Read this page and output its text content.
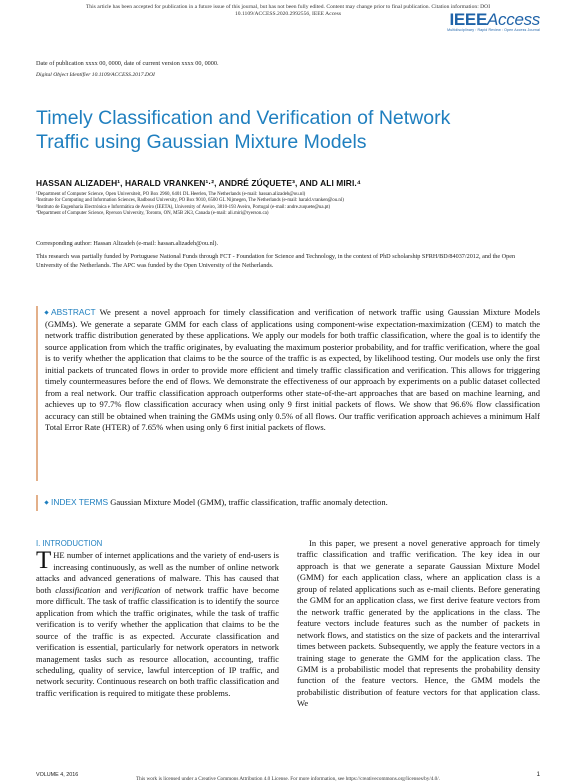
This article has been accepted for publication in a future issue of this journal, but has not been fully edited. Content may change prior to final publication. Citation information: DOI
10.1109/ACCESS.2020.2992556, IEEE Access	IEEEAccess
Multidisciplinary : Rapid Review : Open Access Journal
Date of publication xxxx 00, 0000, date of current version xxxx 00, 0000.
Digital Object Identifier 10.1109/ACCESS.2017.DOI
Timely Classification and Verification of Network Traffic using Gaussian Mixture Models
HASSAN ALIZADEH¹, HARALD VRANKEN¹·², ANDRÉ ZÚQUETE³, AND ALI MIRI.⁴
¹Department of Computer Science, Open Universiteit, PO Box 2960, 6401 DL Heerlen, The Netherlands (e-mail: hassan.alizadeh@ou.nl)
²Institute for Computing and Information Sciences, Radboud University, PO Box 9010, 6500 GL Nijmegen, The Netherlands (e-mail: harald.vranken@ou.nl)
³Instituto de Engenharia Electrónica e Informática de Aveiro (IEETA), University of Aveiro, 3810-193 Aveiro, Portugal (e-mail: andre.zuquete@ua.pt)
⁴Department of Computer Science, Ryerson University, Toronto, ON, M5B 2K3, Canada (e-mail: ali.miri@ryerson.ca)
Corresponding author: Hassan Alizadeh (e-mail: hassan.alizadeh@ou.nl).
This research was partially funded by Portuguese National Funds through FCT - Foundation for Science and Technology, in the context of PhD scholarship SFRH/BD/84037/2012, and the Open University of the Netherlands. The APC was funded by the Open University of the Netherlands.
ABSTRACT We present a novel approach for timely classification and verification of network traffic using Gaussian Mixture Models (GMMs). We generate a separate GMM for each class of applications using component-wise expectation-maximization (CEM) to match the network traffic distribution generated by these applications. We apply our models for both traffic classification, where the goal is to identify the source application from which the traffic originates, by evaluating the maximum posterior probability, and for traffic verification, where the goal is to verify whether the application that claims to be the source of the traffic is as expected, by likelihood testing. Our models use only the first initial packets of truncated flows in order to provide more efficient and timely traffic classification and verification. This allows for triggering timely countermeasures before the end of flows. We demonstrate the effectiveness of our approach by experiments on a public dataset collected from a real network. Our traffic classification approach outperforms other state-of-the-art approaches that are based on machine learning, and achieves up to 97.7% flow classification accuracy when using only 9 first initial packets of flows. We show that 96.6% flow classification accuracy can still be obtained when training the GMMs using only 0.5% of all flows. Our traffic verification approach achieves a minimum Half Total Error Rate (HTER) of 7.65% when using only 6 first initial packets of flows.
INDEX TERMS Gaussian Mixture Model (GMM), traffic classification, traffic anomaly detection.
I. INTRODUCTION

THE number of internet applications and the variety of end-users is increasing continuously, as well as the number of online network attacks and advanced generations of malware. This has caused that both classification and verification of network traffic have become more difficult. The task of traffic classification is to identify the source application from which the traffic originates, while the task of traffic verification is to verify whether the application that claims to be the source of the traffic is as expected. Accurate classification and verification is essential, particularly for network operators in network management tasks such as resource allocation, accounting, traffic scheduling, quality of service, lawful interception of IP traffic, and network security. Continuous research on both traffic classification and traffic verification is required to mitigate these problems.

In this paper, we present a novel generative approach for timely traffic classification and traffic verification. The key idea in our approach is that we generate a separate Gaussian Mixture Model (GMM) for each application class, where an application class is a group of related applications such as e-mail clients. Before generating the GMM for an application class, we first derive feature vectors from the network traffic generated by the applications in the class. The feature vectors include features such as the number of packets in network flows, and statistics on the size of packets and the interarrival times between packets. Subsequently, we apply the feature vectors in a training stage to generate the GMM for the application class. The GMM is a probabilistic model that represents the probability density function of the feature vectors. Hence, the GMM models the probabilistic distribution of feature vectors for that application class. We

VOLUME 4, 2016	1
This work is licensed under a Creative Commons Attribution 4.0 License. For more information, see https://creativecommons.org/licenses/by/4.0/.
